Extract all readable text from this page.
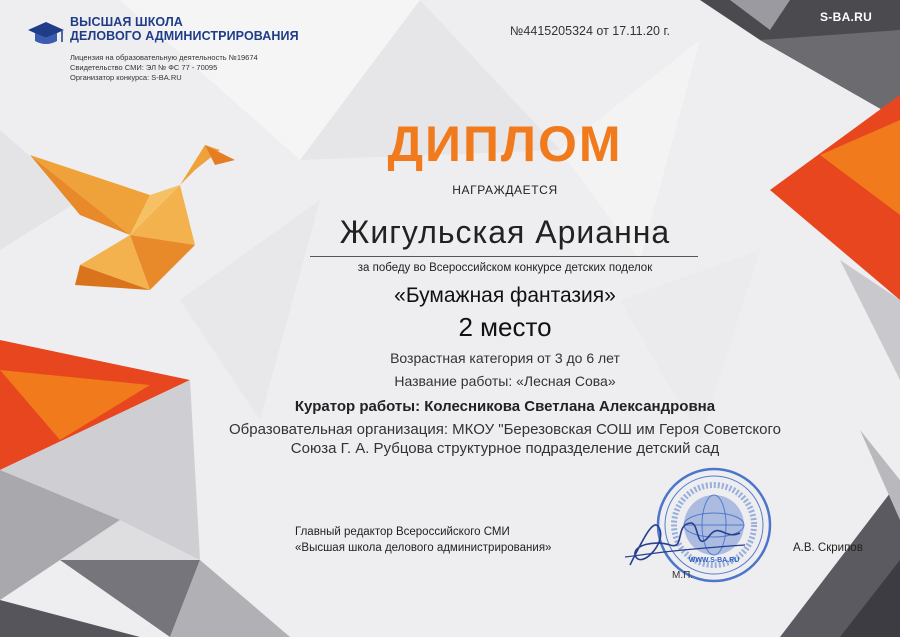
ВЫСШАЯ ШКОЛА
ДЕЛОВОГО АДМИНИСТРИРОВАНИЯ
Лицензия на образовательную деятельность №19674
Свидетельство СМИ: ЭЛ № ФС 77 - 70095
Организатор конкурса: S-BA.RU
№4415205324 от 17.11.20 г.
S-BA.RU
ДИПЛОМ
НАГРАЖДАЕТСЯ
Жигульская Арианна
за победу во Всероссийском конкурсе детских поделок
«Бумажная фантазия»
2 место
Возрастная категория от 3 до 6 лет
Название работы: «Лесная Сова»
Куратор работы: Колесникова Светлана Александровна
Образовательная организация: МКОУ "Березовская СОШ им Героя Советского
Союза Г. А. Рубцова структурное подразделение детский сад
Главный редактор Всероссийского СМИ
«Высшая школа делового администрирования»
WWW.S-BA.RU
М.П.
А.В. Скрипов
